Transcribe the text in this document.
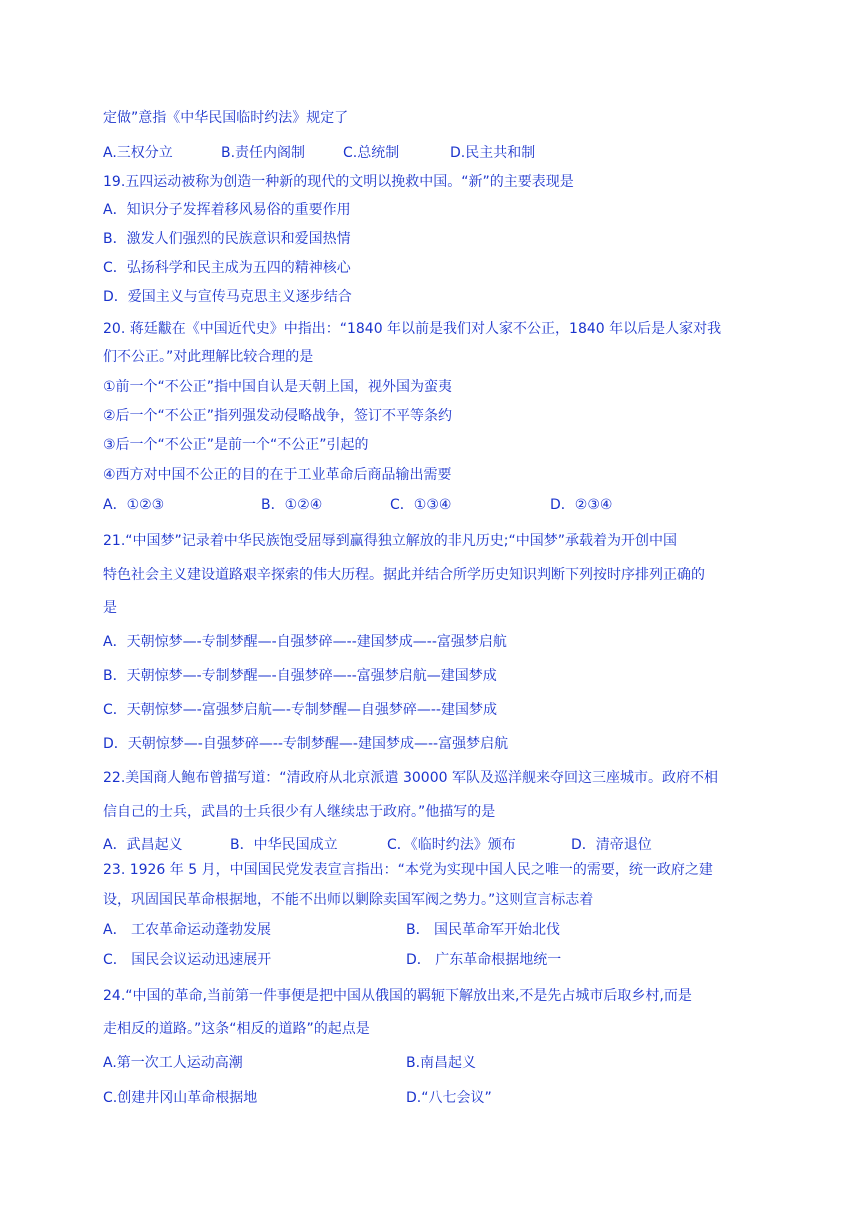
定做”意指《中华民国临时约法》规定了
A.三权分立	B.责任内阁制	C.总统制	D.民主共和制
19.五四运动被称为创造一种新的现代的文明以挽救中国。“新”的主要表现是
A．知识分子发挥着移风易俗的重要作用
B．激发人们强烈的民族意识和爱国热情
C．弘扬科学和民主成为五四的精神核心
D．爱国主义与宣传马克思主义逐步结合
20. 蒋廷黻在《中国近代史》中指出：“1840 年以前是我们对人家不公正，1840 年以后是人家对我
们不公正。”对此理解比较合理的是
①前一个“不公正”指中国自认是天朝上国，视外国为蛮夷
②后一个“不公正”指列强发动侵略战争，签订不平等条约
③后一个“不公正”是前一个“不公正”引起的
④西方对中国不公正的目的在于工业革命后商品输出需要
A．①②③	B．①②④	C．①③④	D．②③④
21.“中国梦”记录着中华民族饱受屈辱到赢得独立解放的非凡历史;“中国梦”承载着为开创中国
特色社会主义建设道路艰辛探索的伟大历程。据此并结合所学历史知识判断下列按时序排列正确的
是
A．天朝惊梦—-专制梦醒—-自强梦碎—--建国梦成—--富强梦启航
B．天朝惊梦—-专制梦醒—-自强梦碎—--富强梦启航—建国梦成
C．天朝惊梦—-富强梦启航—-专制梦醒—自强梦碎—--建国梦成
D．天朝惊梦—-自强梦碎—--专制梦醒—-建国梦成—--富强梦启航
22.美国商人鲍布曾描写道：“清政府从北京派遣 30000 军队及巡洋舰来夺回这三座城市。政府不相
信自己的士兵，武昌的士兵很少有人继续忠于政府。”他描写的是
A．武昌起义	B．中华民国成立	C．《临时约法》颁布	D．清帝退位
23. 1926 年 5 月，中国国民党发表宣言指出：“本党为实现中国人民之唯一的需要，统一政府之建
设，巩固国民革命根据地，不能不出师以剿除卖国军阀之势力。”这则宣言标志着
A． 工农革命运动蓬勃发展	B． 国民革命军开始北伐
C． 国民会议运动迅速展开	D． 广东革命根据地统一
24.“中国的革命,当前第一件事便是把中国从俄国的羁轭下解放出来,不是先占城市后取乡村,而是
走相反的道路。”这条“相反的道路”的起点是
A.第一次工人运动高潮	B.南昌起义
C.创建井冈山革命根据地	D.“八七会议”
